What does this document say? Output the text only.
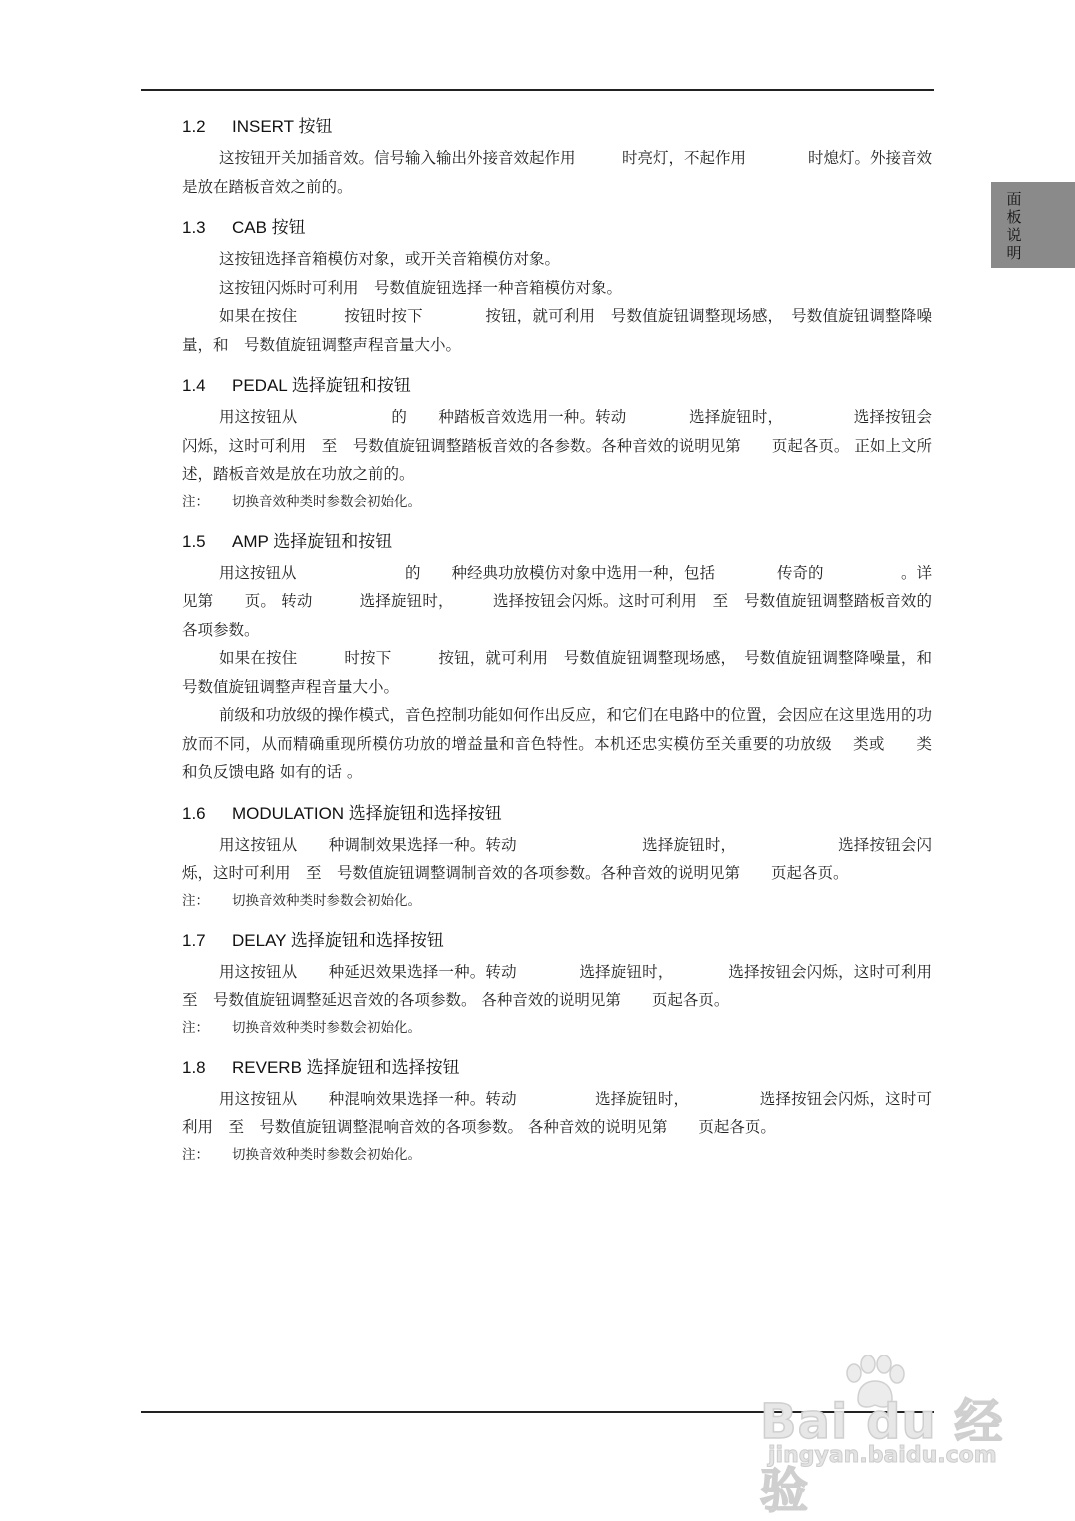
面板说明
1.2 INSERT 按钮

这按钮开关加插音效。信号输入输出外接音效起作用　　　时亮灯，不起作用　　　　时熄灯。外接音效是放在踏板音效之前的。

1.3 CAB 按钮

这按钮选择音箱模仿对象，或开关音箱模仿对象。

这按钮闪烁时可利用　号数值旋钮选择一种音箱模仿对象。

如果在按住　　　按钮时按下　　　　按钮，就可利用　号数值旋钮调整现场感，　号数值旋钮调整降噪量，和　号数值旋钮调整声程音量大小。

1.4 PEDAL 选择旋钮和按钮

用这按钮从　　　　　　的　　种踏板音效选用一种。转动　　　　选择旋钮时，　　　　　选择按钮会闪烁，这时可利用　至　号数值旋钮调整踏板音效的各参数。各种音效的说明见第　　页起各页。 正如上文所述，踏板音效是放在功放之前的。

注： 切换音效种类时参数会初始化。

1.5 AMP 选择旋钮和按钮

用这按钮从　　　　　　　的　　种经典功放模仿对象中选用一种，包括　　　　传奇的　　　　　。详见第　　页。 转动　　　选择旋钮时，　　　选择按钮会闪烁。这时可利用　至　号数值旋钮调整踏板音效的各项参数。

如果在按住　　　时按下　　　按钮，就可利用　号数值旋钮调整现场感，　号数值旋钮调整降噪量，和　号数值旋钮调整声程音量大小。

前级和功放级的操作模式，音色控制功能如何作出反应，和它们在电路中的位置，会因应在这里选用的功放而不同，从而精确重现所模仿功放的增益量和音色特性。本机还忠实模仿至关重要的功放级　 类或　　类 和负反馈电路 如有的话 。

1.6 MODULATION 选择旋钮和选择按钮

用这按钮从　　种调制效果选择一种。转动　　　　　　　　选择旋钮时，　　　　　　　选择按钮会闪烁，这时可利用　至　号数值旋钮调整调制音效的各项参数。各种音效的说明见第　　页起各页。

注： 切换音效种类时参数会初始化。

1.7 DELAY 选择旋钮和选择按钮

用这按钮从　　种延迟效果选择一种。转动　　　　选择旋钮时，　　　　选择按钮会闪烁，这时可利用　至　号数值旋钮调整延迟音效的各项参数。 各种音效的说明见第　　页起各页。

注： 切换音效种类时参数会初始化。

1.8 REVERB 选择旋钮和选择按钮

用这按钮从　　种混响效果选择一种。转动　　　　　选择旋钮时，　　　　　选择按钮会闪烁，这时可利用　至　号数值旋钮调整混响音效的各项参数。 各种音效的说明见第　　页起各页。

注： 切换音效种类时参数会初始化。

Bai du 经验
jingyan.baidu.com
